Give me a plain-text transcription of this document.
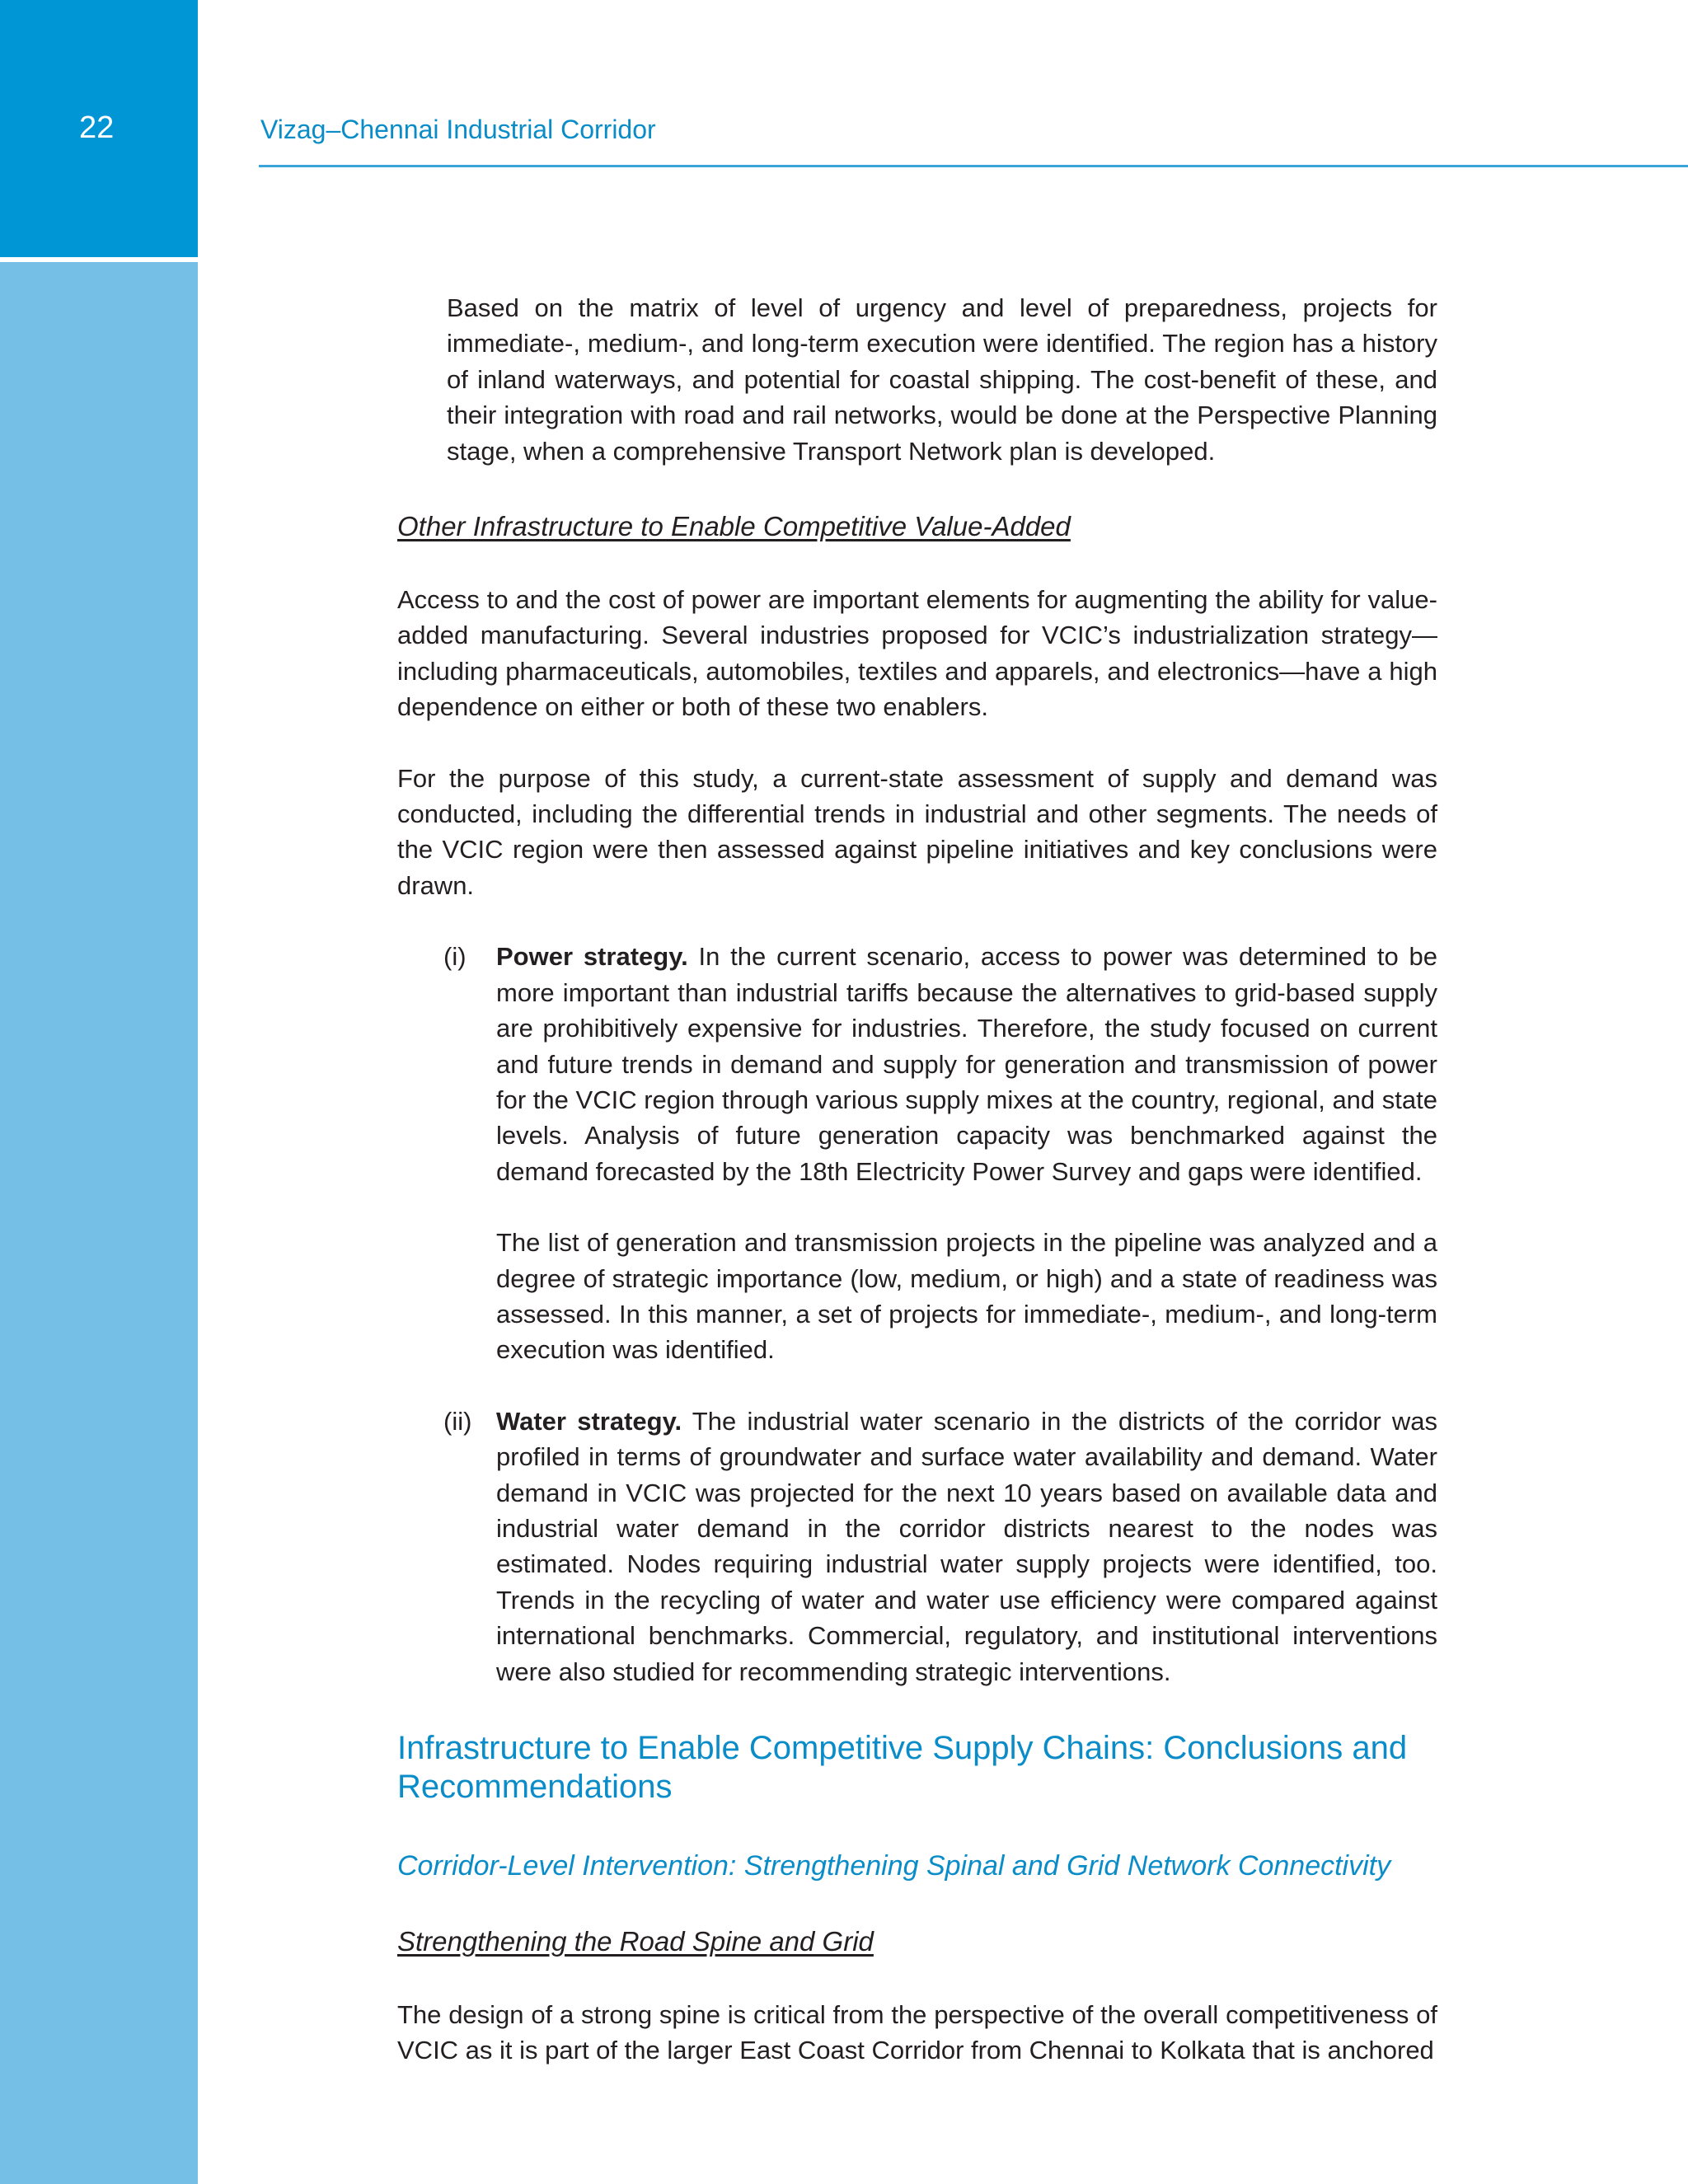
22	Vizag–Chennai Industrial Corridor

Based on the matrix of level of urgency and level of preparedness, projects for immediate-, medium-, and long-term execution were identified. The region has a history of inland waterways, and potential for coastal shipping. The cost-benefit of these, and their integration with road and rail networks, would be done at the Perspective Planning stage, when a comprehensive Transport Network plan is developed.

Other Infrastructure to Enable Competitive Value-Added

Access to and the cost of power are important elements for augmenting the ability for value-added manufacturing. Several industries proposed for VCIC’s industrialization strategy—including pharmaceuticals, automobiles, textiles and apparels, and electronics—have a high dependence on either or both of these two enablers.

For the purpose of this study, a current-state assessment of supply and demand was conducted, including the differential trends in industrial and other segments. The needs of the VCIC region were then assessed against pipeline initiatives and key conclusions were drawn.

(i) Power strategy. In the current scenario, access to power was determined to be more important than industrial tariffs because the alternatives to grid-based supply are prohibitively expensive for industries. Therefore, the study focused on current and future trends in demand and supply for generation and transmission of power for the VCIC region through various supply mixes at the country, regional, and state levels. Analysis of future generation capacity was benchmarked against the demand forecasted by the 18th Electricity Power Survey and gaps were identified.

The list of generation and transmission projects in the pipeline was analyzed and a degree of strategic importance (low, medium, or high) and a state of readiness was assessed. In this manner, a set of projects for immediate-, medium-, and long-term execution was identified.

(ii) Water strategy. The industrial water scenario in the districts of the corridor was profiled in terms of groundwater and surface water availability and demand. Water demand in VCIC was projected for the next 10 years based on available data and industrial water demand in the corridor districts nearest to the nodes was estimated. Nodes requiring industrial water supply projects were identified, too. Trends in the recycling of water and water use efficiency were compared against international benchmarks. Commercial, regulatory, and institutional interventions were also studied for recommending strategic interventions.

Infrastructure to Enable Competitive Supply Chains: Conclusions and Recommendations
Corridor-Level Intervention: Strengthening Spinal and Grid Network Connectivity
Strengthening the Road Spine and Grid

The design of a strong spine is critical from the perspective of the overall competitiveness of VCIC as it is part of the larger East Coast Corridor from Chennai to Kolkata that is anchored
